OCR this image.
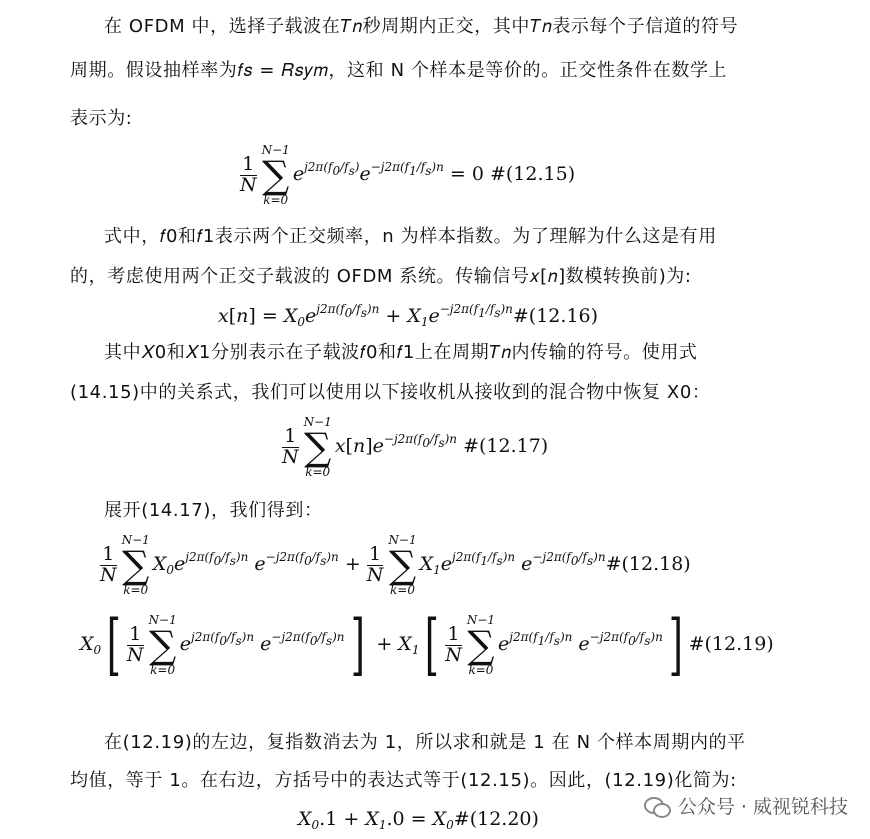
在 OFDM 中，选择子载波在𝑇𝑛秒周期内正交，其中𝑇𝑛表示每个子信道的符号
周期。假设抽样率为𝑓𝑠 = 𝑅𝑠𝑦𝑚，这和 N 个样本是等价的。正交性条件在数学上
表示为:
$\frac{1}{N}$
N−1
∑
k=0
$e^{j2\pi(f_0/f_s)}e^{-j2\pi(f_1/f_s)n} = 0$ #(12.15)
式中，𝑓0和𝑓1表示两个正交频率，n 为样本指数。为了理解为什么这是有用
的，考虑使用两个正交子载波的 OFDM 系统。传输信号𝑥[𝑛]数模转换前)为:
$x[n] = X_0e^{j2\pi(f_0/f_s)n}$ + $X_1e^{-j2\pi(f_1/f_s)n}\#(12.16)$
其中𝑋0和𝑋1分别表示在子载波𝑓0和𝑓1上在周期𝑇𝑛内传输的符号。使用式
(14.15)中的关系式，我们可以使用以下接收机从接收到的混合物中恢复 X0：
$\frac{1}{N}$
N−1
∑
k=0
$x[n]e^{-j2\pi(f_0/f_s)n}$ #(12.17)
展开(14.17)，我们得到：
$\frac{1}{N}$
N−1
∑
k=0
$X_0e^{j2\pi(f_0/f_s)n}$ $e^{-j2\pi(f_0/f_s)n} + \frac{1}{N}$
N−1
∑
k=0
$X_1e^{j2\pi(f_1/f_s)n}$ $e^{-j2\pi(f_0/f_s)n}\#(12.18)$
$X_0[ \frac{1}{N}$
N−1
∑
k=0
$e^{j2\pi(f_0/f_s)n}$ $e^{-j2\pi(f_0/f_s)n}] + X_1[ \frac{1}{N}$
N−1
∑
k=0
$e^{j2\pi(f_1/f_s)n}$ $e^{-j2\pi(f_0/f_s)n}$] #(12.19)
在(12.19)的左边，复指数消去为 1，所以求和就是 1 在 N 个样本周期内的平
均值，等于 1。在右边，方括号中的表达式等于(12.15)。因此，(12.19)化简为:
$X_0.1 + X_1.0$ = $X_0\#(12.20)$
公众号 · 威视锐科技
